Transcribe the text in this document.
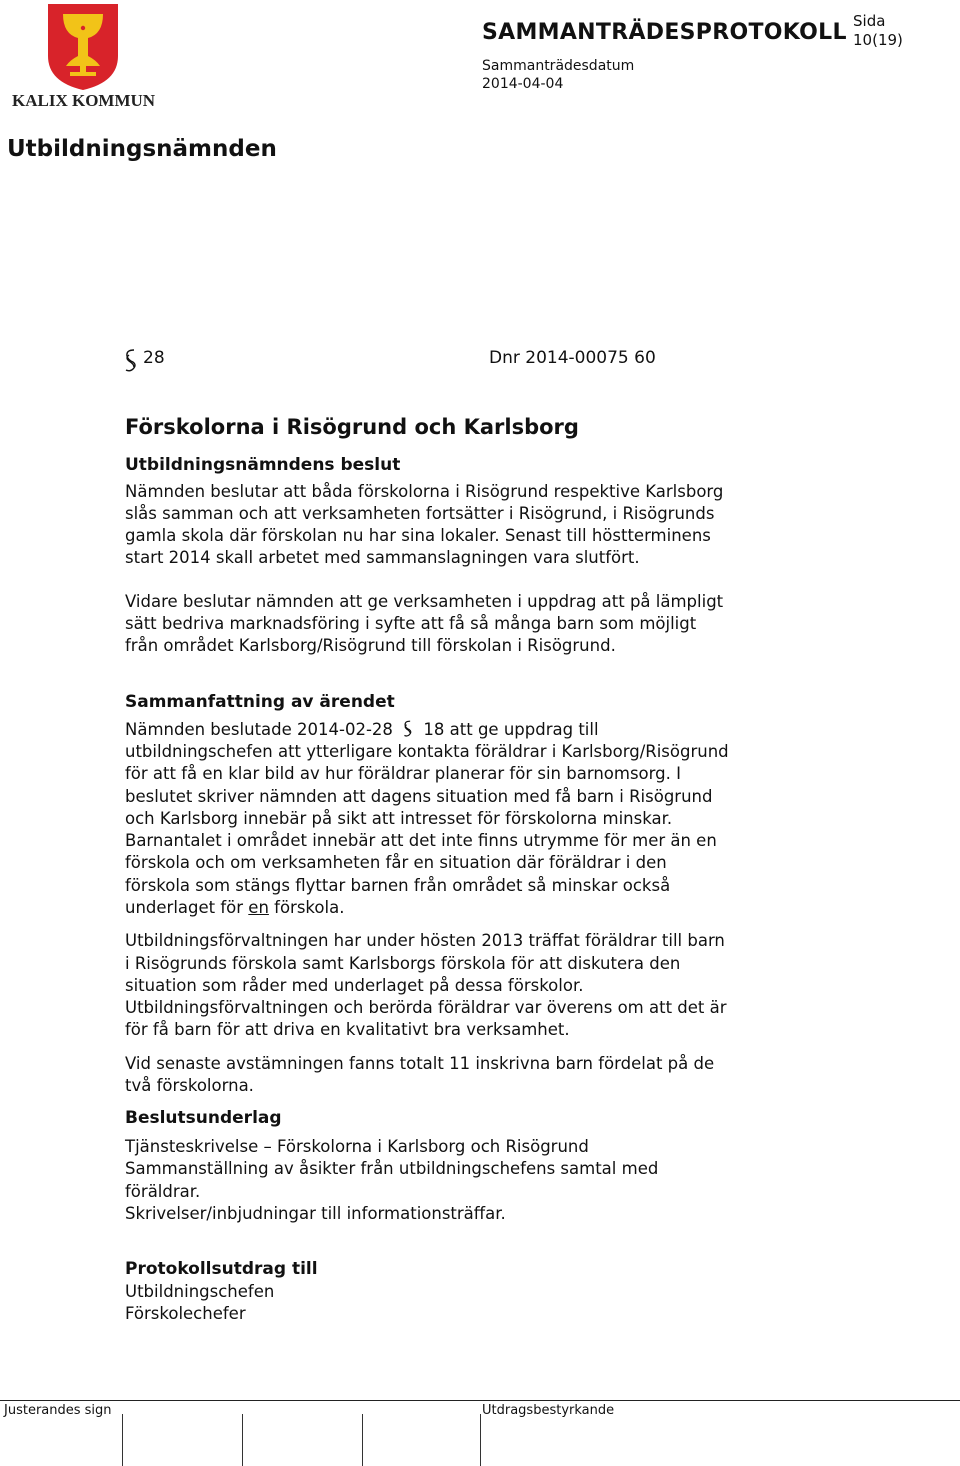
KALIX KOMMUN
SAMMANTRÄDESPROTOKOLL Sida
10(19)
Sammanträdesdatum
2014-04-04
Utbildningsnämnden
28	Dnr 2014-00075 60
Förskolorna i Risögrund och Karlsborg
Utbildningsnämndens beslut
Nämnden beslutar att båda förskolorna i Risögrund respektive Karlsborg
slås samman och att verksamheten fortsätter i Risögrund, i Risögrunds
gamla skola där förskolan nu har sina lokaler. Senast till höstterminens
start 2014 skall arbetet med sammanslagningen vara slutfört.
Vidare beslutar nämnden att ge verksamheten i uppdrag att på lämpligt
sätt bedriva marknadsföring i syfte att få så många barn som möjligt
från området Karlsborg/Risögrund till förskolan i Risögrund.
Sammanfattning av ärendet
Nämnden beslutade 2014-02-28 18 att ge uppdrag till
utbildningschefen att ytterligare kontakta föräldrar i Karlsborg/Risögrund
för att få en klar bild av hur föräldrar planerar för sin barnomsorg. I
beslutet skriver nämnden att dagens situation med få barn i Risögrund
och Karlsborg innebär på sikt att intresset för förskolorna minskar.
Barnantalet i området innebär att det inte finns utrymme för mer än en
förskola och om verksamheten får en situation där föräldrar i den
förskola som stängs flyttar barnen från området så minskar också
underlaget för en förskola.
Utbildningsförvaltningen har under hösten 2013 träffat föräldrar till barn
i Risögrunds förskola samt Karlsborgs förskola för att diskutera den
situation som råder med underlaget på dessa förskolor.
Utbildningsförvaltningen och berörda föräldrar var överens om att det är
för få barn för att driva en kvalitativt bra verksamhet.
Vid senaste avstämningen fanns totalt 11 inskrivna barn fördelat på de
två förskolorna.
Beslutsunderlag
Tjänsteskrivelse – Förskolorna i Karlsborg och Risögrund
Sammanställning av åsikter från utbildningschefens samtal med
föräldrar.
Skrivelser/inbjudningar till informationsträffar.
Protokollsutdrag till
Utbildningschefen
Förskolechefer
Justerandes sign	Utdragsbestyrkande
